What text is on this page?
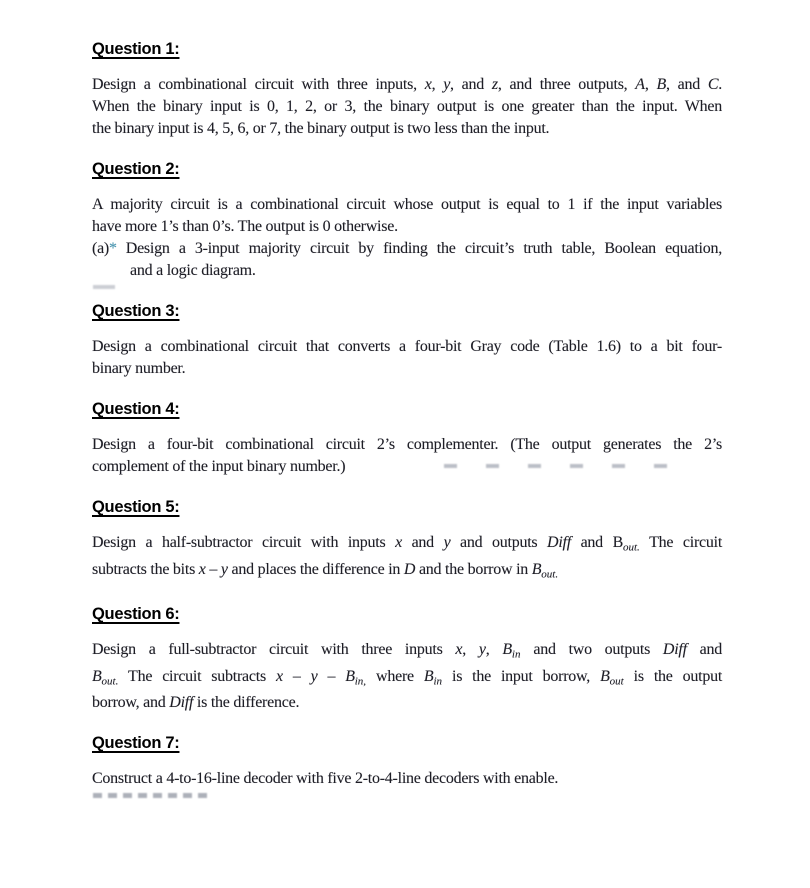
Question 1:
Design a combinational circuit with three inputs, x, y, and z, and three outputs, A, B, and C.
When the binary input is 0, 1, 2, or 3, the binary output is one greater than the input. When
the binary input is 4, 5, 6, or 7, the binary output is two less than the input.
Question 2:
A majority circuit is a combinational circuit whose output is equal to 1 if the input variables
have more 1’s than 0’s. The output is 0 otherwise.
(a)* Design a 3-input majority circuit by finding the circuit’s truth table, Boolean equation,
and a logic diagram.
Question 3:
Design a combinational circuit that converts a four-bit Gray code (Table 1.6) to a bit four-
binary number.
Question 4:
Design a four-bit combinational circuit 2’s complementer. (The output generates the 2’s
complement of the input binary number.)
Question 5:
Design a half-subtractor circuit with inputs x and y and outputs Diff and $B_{out.}$ The circuit
subtracts the bits x – y and places the difference in D and the borrow in $B_{out.}$
Question 6:
Design a full-subtractor circuit with three inputs x, y, $B_{in}$ and two outputs Diff and
$B_{out.}$ The circuit subtracts x – y – $B_{in,}$ where $B_{in}$ is the input borrow, $B_{out}$ is the output
borrow, and Diff is the difference.
Question 7:
Construct a 4-to-16-line decoder with five 2-to-4-line decoders with enable.
